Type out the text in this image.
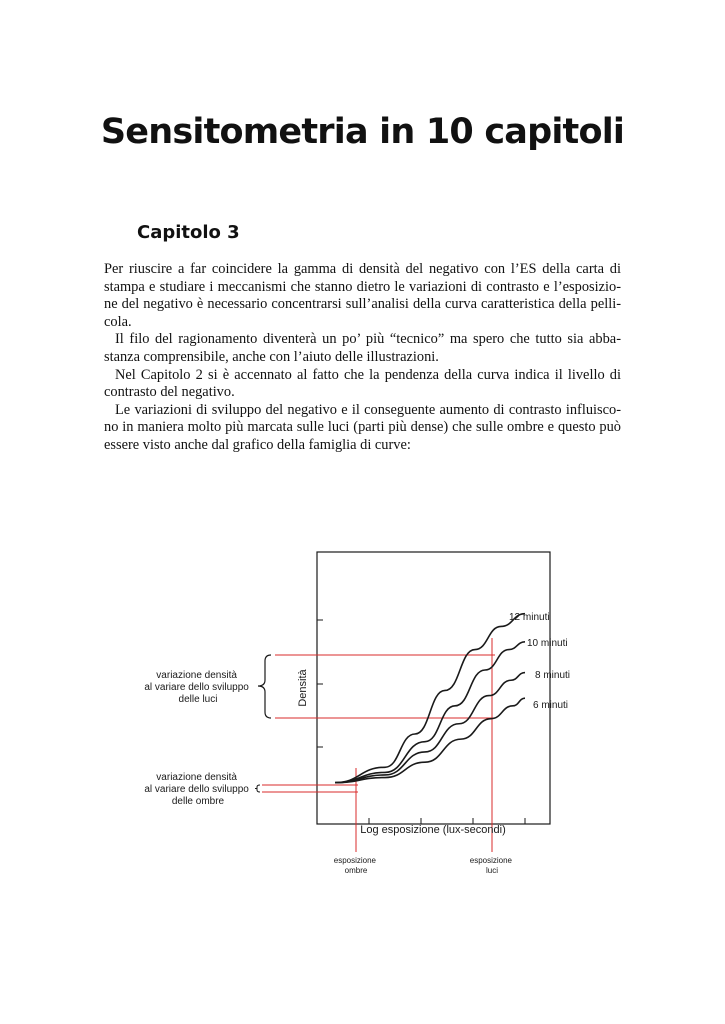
Sensitometria in 10 capitoli
Capitolo 3

Per riuscire a far coincidere la gamma di densità del negativo con l’ES della carta di stampa e studiare i meccanismi che stanno dietro le variazioni di contrasto e l’esposizione del negativo è necessario concentrarsi sull’analisi della curva caratteristica della pellicola.

Il filo del ragionamento diventerà un po’ più “tecnico” ma spero che tutto sia abbastanza comprensibile, anche con l’aiuto delle illustrazioni.

Nel Capitolo 2 si è accennato al fatto che la pendenza della curva indica il livello di contrasto del negativo.

Le variazioni di sviluppo del negativo e il conseguente aumento di contrasto influiscono in maniera molto più marcata sulle luci (parti più dense) che sulle ombre e questo può essere visto anche dal grafico della famiglia di curve:

12 minuti
10 minuti
8 minuti
6 minuti
Densità
Log esposizione (lux-secondi)
variazione densità al variare dello sviluppo delle luci
variazione densità al variare dello sviluppo delle ombre
esposizione ombre
esposizione luci
